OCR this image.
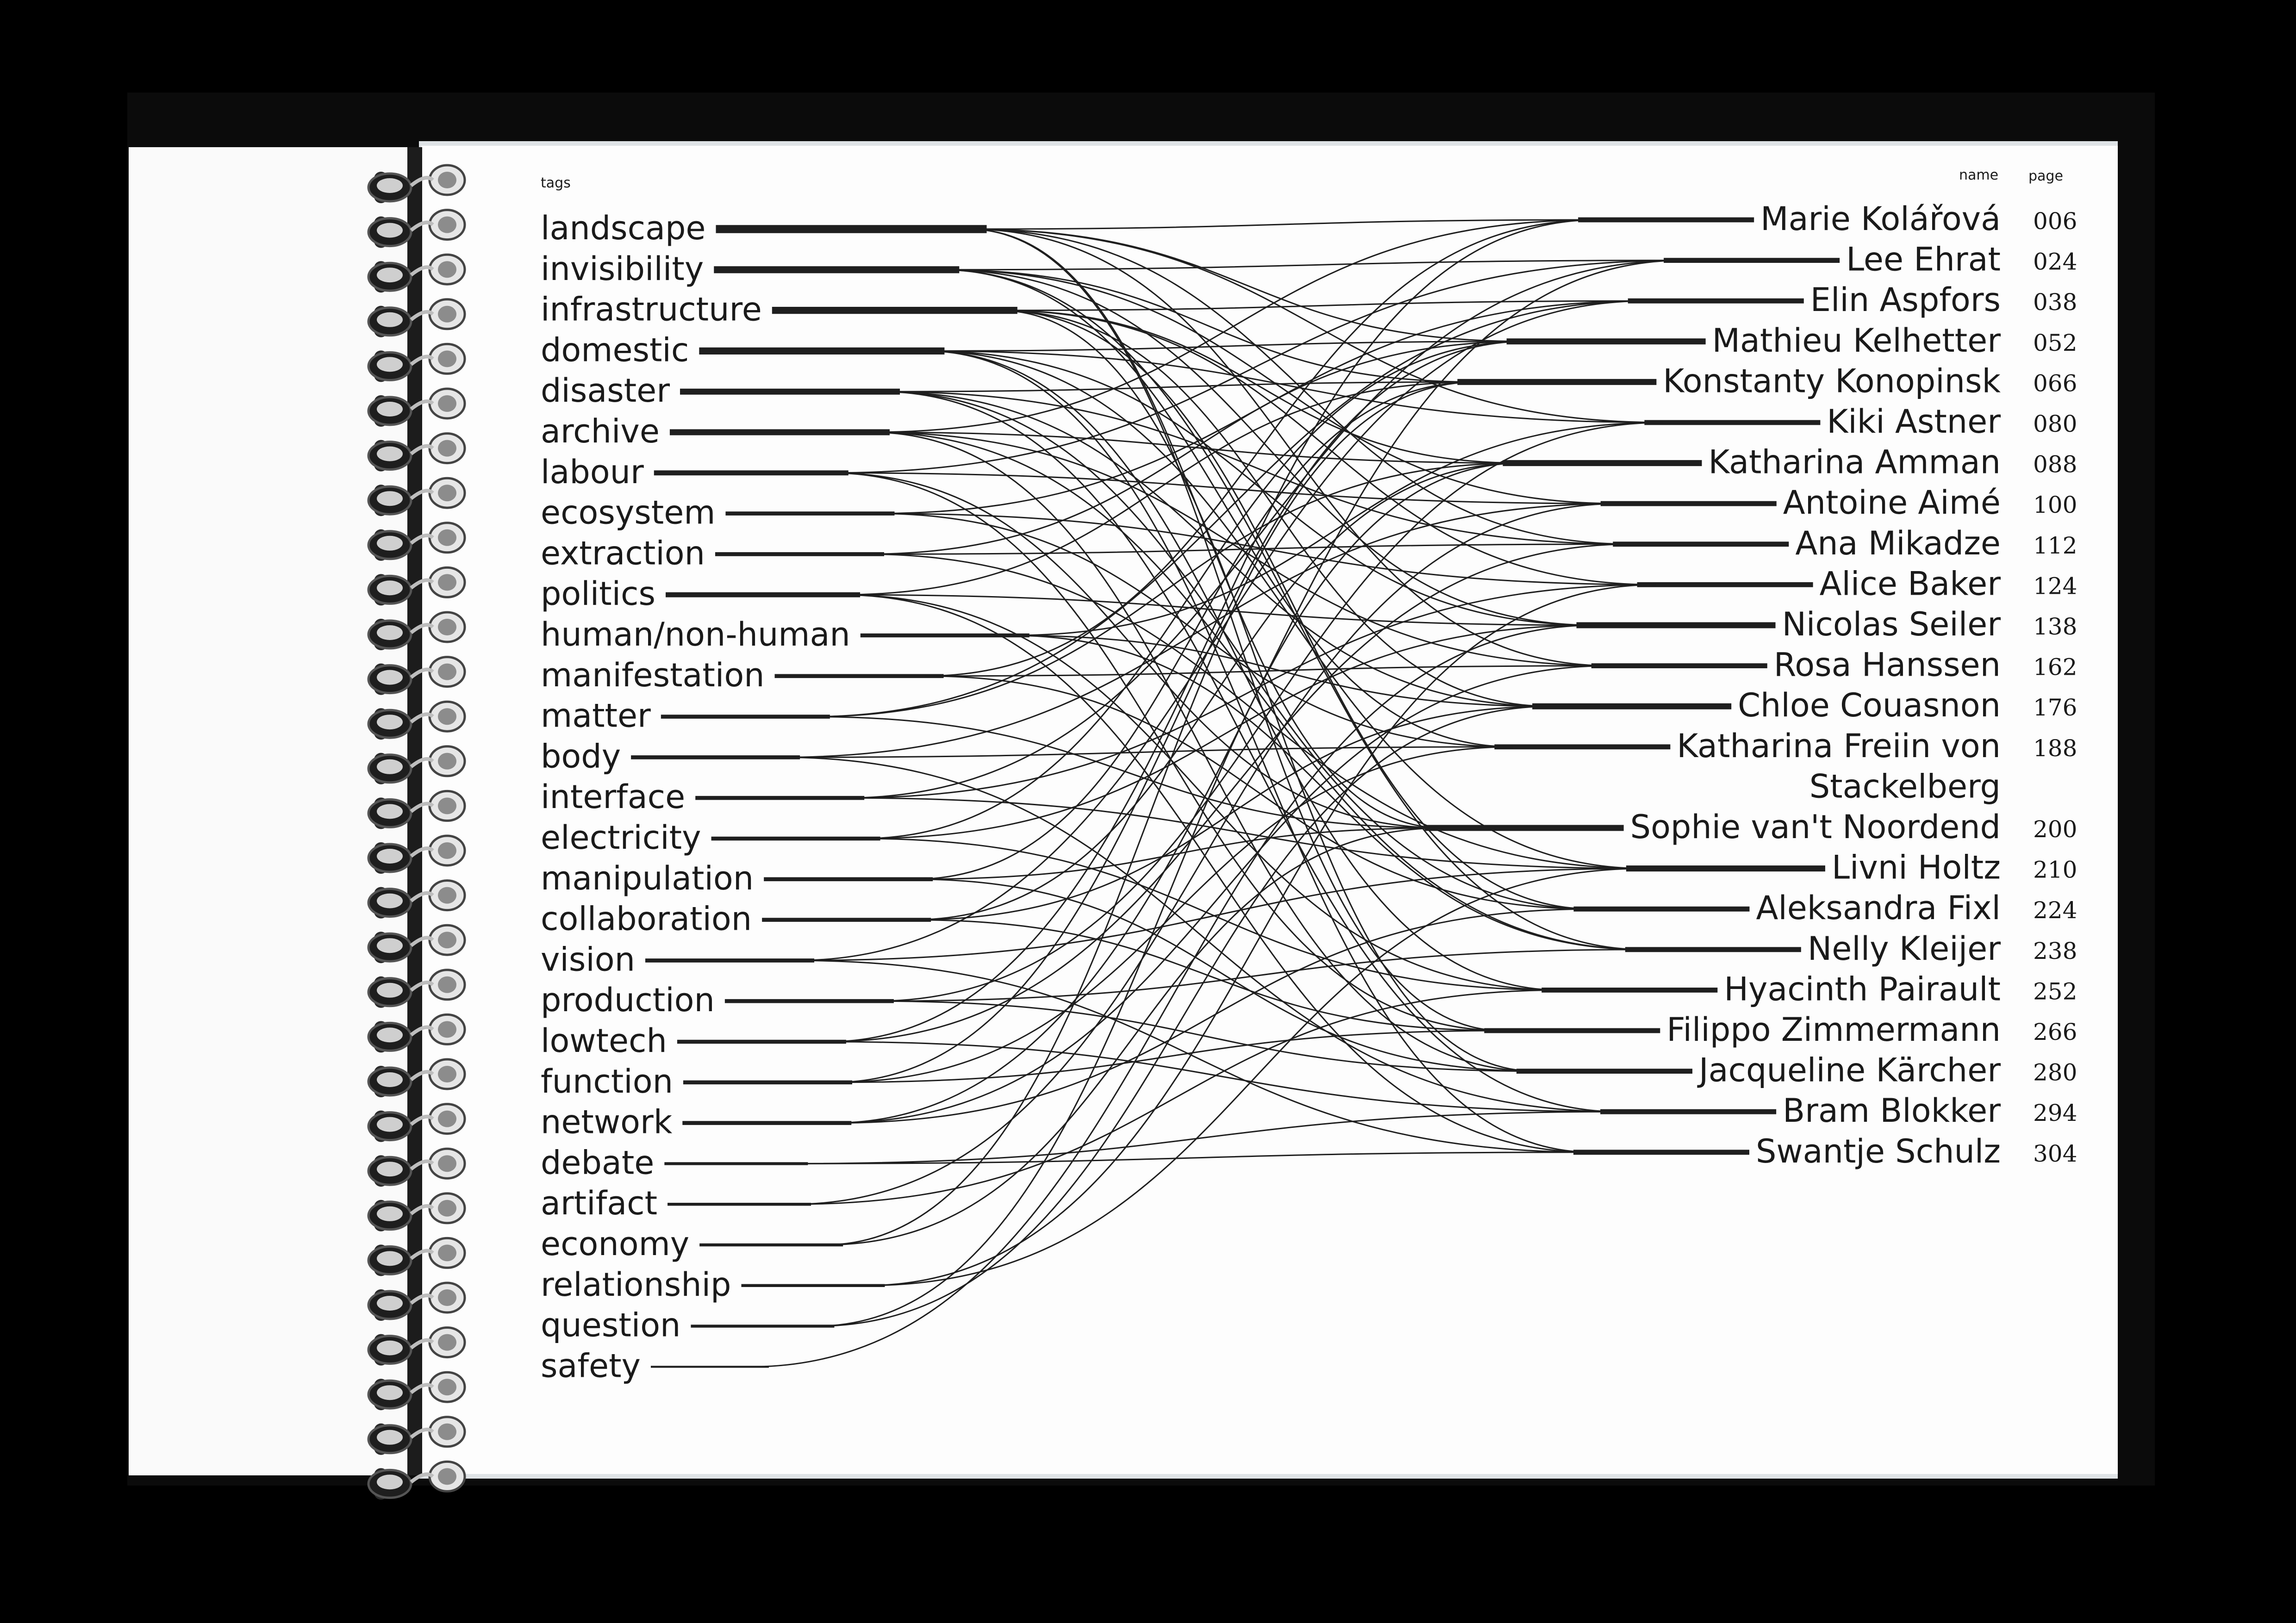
tags	name page
landscape
invisibility
infrastructure
domestic
disaster
archive
labour
ecosystem
extraction
politics
human/non-human
manifestation
matter
body
interface
electricity
manipulation
collaboration
vision
production
lowtech
function
network
debate
artifact
economy
relationship
question
safety
Marie Kolářová 006
Lee Ehrat 024
Elin Aspfors 038
Mathieu Kelhetter 052
Konstanty Konopinsk 066
Kiki Astner 080
Katharina Amman 088
Antoine Aimé 100
Ana Mikadze 112
Alice Baker 124
Nicolas Seiler 138
Rosa Hanssen 162
Chloe Couasnon 176
Katharina Freiin von 188
Stackelberg
Sophie van't Noordend 200
Livni Holtz 210
Aleksandra Fixl 224
Nelly Kleijer 238
Hyacinth Pairault 252
Filippo Zimmermann 266
Jacqueline Kärcher 280
Bram Blokker 294
Swantje Schulz 304
